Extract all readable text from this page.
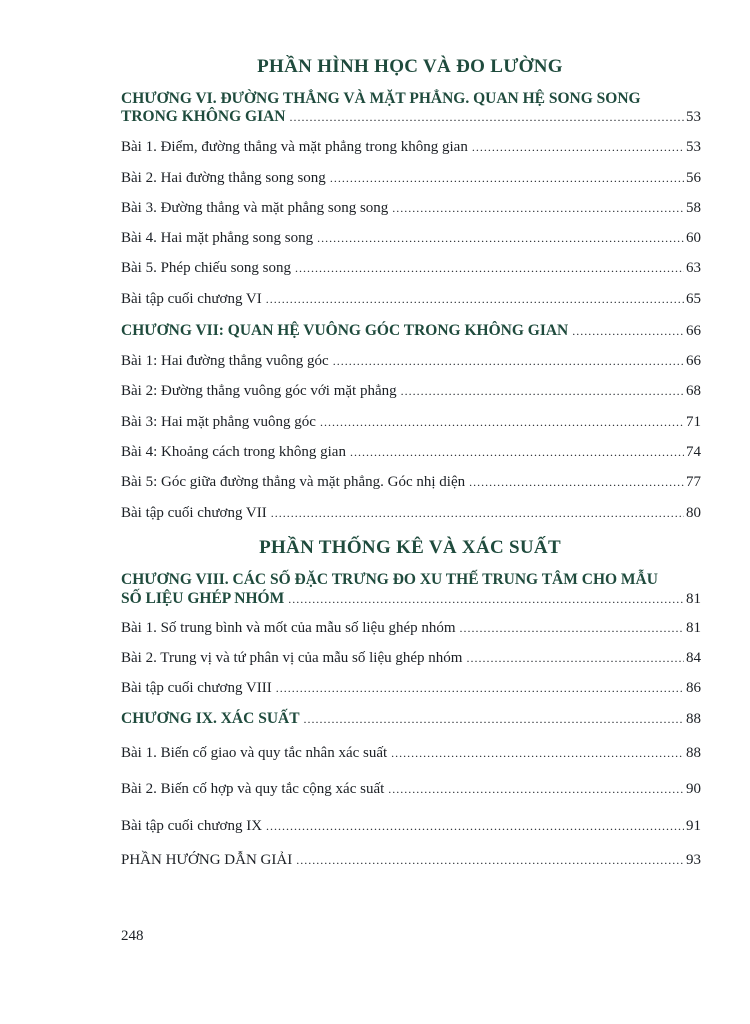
PHẦN HÌNH HỌC VÀ ĐO LƯỜNG
CHƯƠNG VI. ĐƯỜNG THẲNG VÀ MẶT PHẲNG. QUAN HỆ SONG SONG
TRONG KHÔNG GIAN .....	53
Bài 1. Điểm, đường thẳng và mặt phẳng trong không gian .....	53
Bài 2. Hai đường thẳng song song .....	56
Bài 3. Đường thẳng và mặt phẳng song song .....	58
Bài 4. Hai mặt phẳng song song .....	60
Bài 5. Phép chiếu song song .....	63
Bài tập cuối chương VI .....	65
CHƯƠNG VII: QUAN HỆ VUÔNG GÓC TRONG KHÔNG GIAN .....	66
Bài 1: Hai đường thẳng vuông góc .....	66
Bài 2: Đường thẳng vuông góc với mặt phẳng .....	68
Bài 3: Hai mặt phẳng vuông góc .....	71
Bài 4: Khoảng cách trong không gian .....	74
Bài 5: Góc giữa đường thẳng và mặt phẳng. Góc nhị diện .....	77
Bài tập cuối chương VII .....	80
PHẦN THỐNG KÊ VÀ XÁC SUẤT
CHƯƠNG VIII. CÁC SỐ ĐẶC TRƯNG ĐO XU THẾ TRUNG TÂM CHO MẪU
SỐ LIỆU GHÉP NHÓM .....	81
Bài 1. Số trung bình và mốt của mẫu số liệu ghép nhóm .....	81
Bài 2. Trung vị và tứ phân vị của mẫu số liệu ghép nhóm .....	84
Bài tập cuối chương VIII .....	86
CHƯƠNG IX. XÁC SUẤT .....	88
Bài 1. Biến cố giao và quy tắc nhân xác suất .....	88
Bài 2. Biến cố hợp và quy tắc cộng xác suất .....	90
Bài tập cuối chương IX .....	91
PHẦN HƯỚNG DẪN GIẢI .....	93
248
